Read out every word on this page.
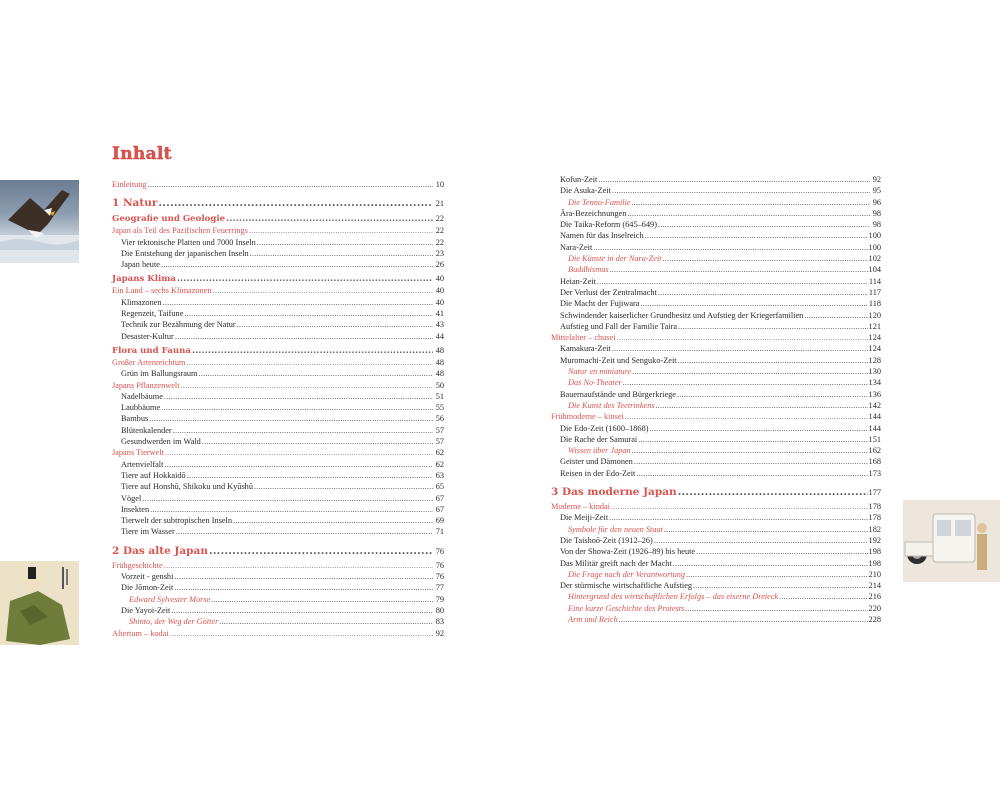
Inhalt
Einleitung .....	10
1 Natur .....	21
Geografie und Geologie .....	22
Japan als Teil des Pazifischen Feuerrings .....	22
Vier tektonische Platten und 7000 Inseln .....	22
Die Entstehung der japanischen Inseln .....	23
Japan heute .....	26
Japans Klima .....	40
Ein Land – sechs Klimazonen .....	40
Klimazonen .....	40
Regenzeit, Taifune .....	41
Technik zur Bezähmung der Natur .....	43
Desaster-Kultur .....	44
Flora und Fauna .....	48
Großer Artenreichtum .....	48
Grün im Ballungsraum .....	48
Japans Pflanzenwelt .....	50
Nadelbäume .....	51
Laubbäume .....	55
Bambus .....	56
Blütenkalender .....	57
Gesundwerden im Wald .....	57
Japans Tierwelt .....	62
Artenvielfalt .....	62
Tiere auf Hokkaidō .....	63
Tiere auf Honshū, Shikoku und Kyūshū .....	65
Vögel .....	67
Insekten .....	67
Tierwelt der subtropischen Inseln .....	69
Tiere im Wasser .....	71
2 Das alte Japan .....	76
Frühgeschichte .....	76
Vorzeit - genshi .....	76
Die Jōmon-Zeit .....	77
Edward Sylvester Morse .....	79
Die Yayoi-Zeit .....	80
Shinto, der Weg der Götter .....	83
Altertum – kodai .....	92
Kofun-Zeit .....	92
Die Asuka-Zeit .....	95
Die Tenno-Familie .....	96
Ära-Bezeichnungen .....	98
Die Taika-Reform (645–649) .....	98
Namen für das Inselreich .....	100
Nara-Zeit .....	100
Die Künste in der Nara-Zeit .....	102
Buddhismus .....	104
Heian-Zeit .....	114
Der Verlust der Zentralmacht .....	117
Die Macht der Fujiwara .....	118
Schwindender kaiserlicher Grundbesitz und Aufstieg der Kriegerfamilien .....	120
Aufstieg und Fall der Familie Taira .....	121
Mittelalter – chusei .....	124
Kamakura-Zeit .....	124
Muromachi-Zeit und Senguko-Zeit .....	128
Natur en miniature .....	130
Das No-Theater .....	134
Bauernaufstände und Bürgerkriege .....	136
Die Kunst des Teetrinkens .....	142
Frühmoderne – kinsei .....	144
Die Edo-Zeit (1600–1868) .....	144
Die Rache der Samurai .....	151
Wissen über Japan .....	162
Geister und Dämonen .....	168
Reisen in der Edo-Zeit .....	173
3 Das moderne Japan .....	177
Moderne – kindai .....	178
Die Meiji-Zeit .....	178
Symbole für den neuen Staat .....	182
Die Taishoō-Zeit (1912–26) .....	192
Von der Showa-Zeit (1926–89) bis heute .....	198
Das Militär greift nach der Macht .....	198
Die Frage nach der Verantwortung .....	210
Der stürmische wirtschaftliche Aufstieg .....	214
Hintergrund des wirtschaftlichen Erfolgs – das eiserne Dreieck .....	216
Eine kurze Geschichte des Protests .....	220
Arm und Reich .....	228
